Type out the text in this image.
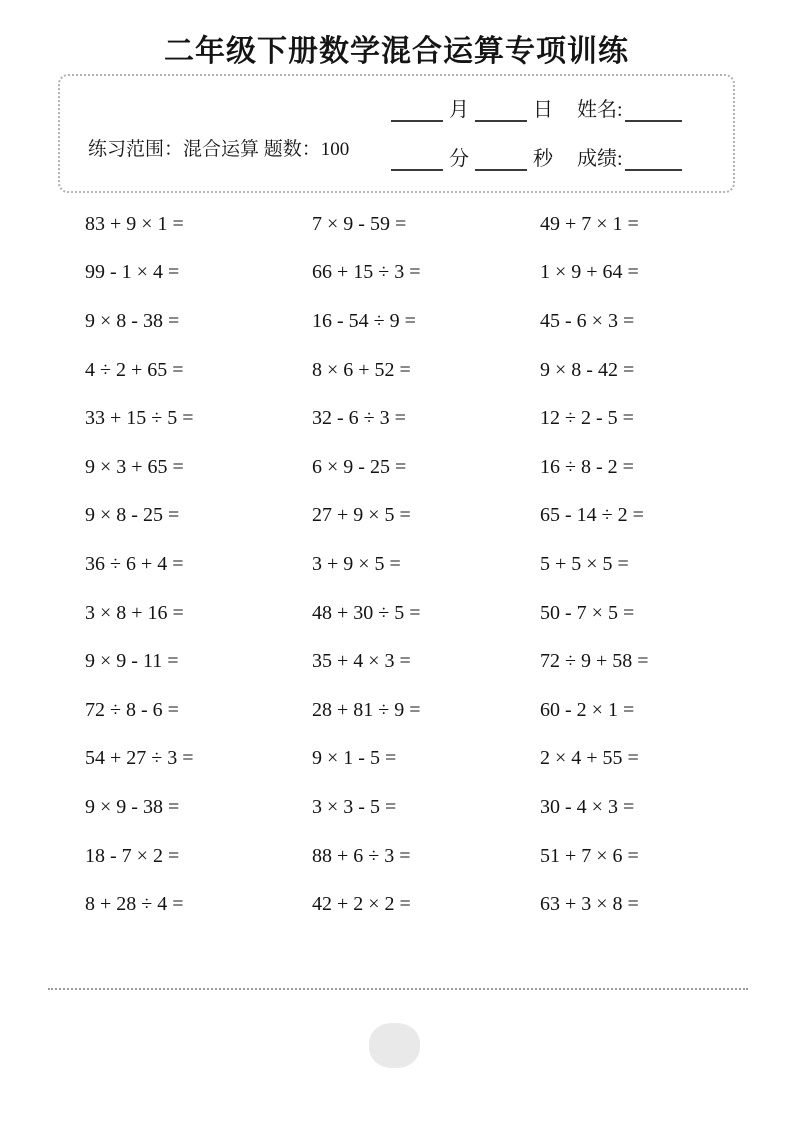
二年级下册数学混合运算专项训练
练习范围：混合运算 题数：100
月	日 姓名:
分	秒 成绩:
83 + 9 × 1 =	7 × 9 - 59 =	49 + 7 × 1 =
99 - 1 × 4 =	66 + 15 ÷ 3 =	1 × 9 + 64 =
9 × 8 - 38 =	16 - 54 ÷ 9 =	45 - 6 × 3 =
4 ÷ 2 + 65 =	8 × 6 + 52 =	9 × 8 - 42 =
33 + 15 ÷ 5 =	32 - 6 ÷ 3 =	12 ÷ 2 - 5 =
9 × 3 + 65 =	6 × 9 - 25 =	16 ÷ 8 - 2 =
9 × 8 - 25 =	27 + 9 × 5 =	65 - 14 ÷ 2 =
36 ÷ 6 + 4 =	3 + 9 × 5 =	5 + 5 × 5 =
3 × 8 + 16 =	48 + 30 ÷ 5 =	50 - 7 × 5 =
9 × 9 - 11 =	35 + 4 × 3 =	72 ÷ 9 + 58 =
72 ÷ 8 - 6 =	28 + 81 ÷ 9 =	60 - 2 × 1 =
54 + 27 ÷ 3 =	9 × 1 - 5 =	2 × 4 + 55 =
9 × 9 - 38 =	3 × 3 - 5 =	30 - 4 × 3 =
18 - 7 × 2 =	88 + 6 ÷ 3 =	51 + 7 × 6 =
8 + 28 ÷ 4 =	42 + 2 × 2 =	63 + 3 × 8 =
